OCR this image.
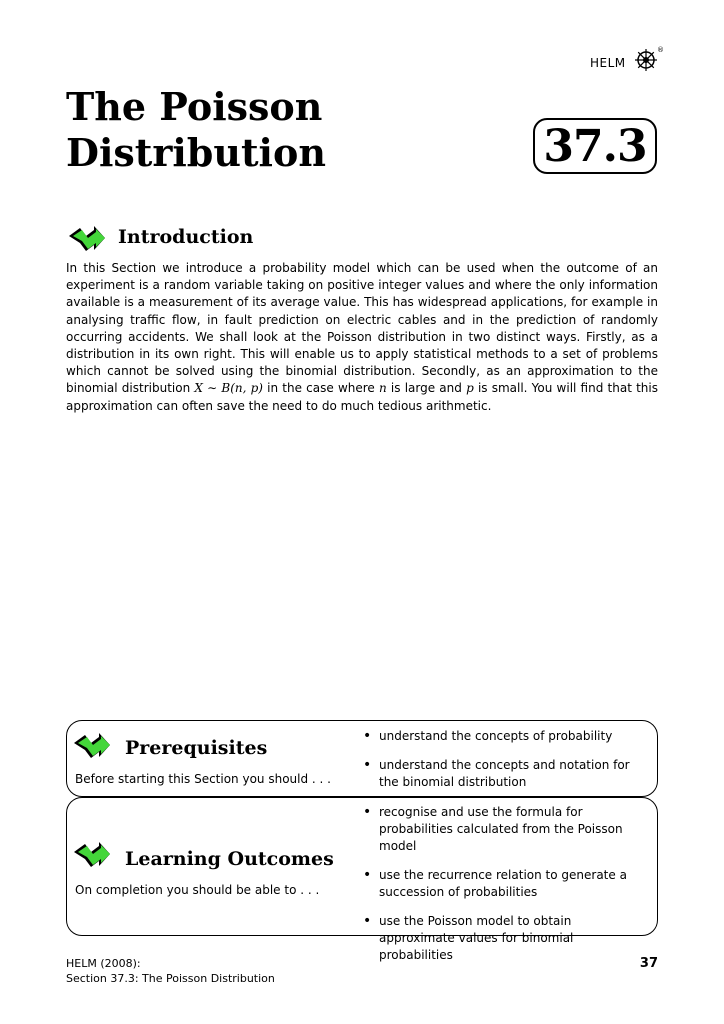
HELM
®
The Poisson
Distribution	37.3
Introduction

In this Section we introduce a probability model which can be used when the outcome of an experiment is a random variable taking on positive integer values and where the only information available is a measurement of its average value. This has widespread applications, for example in analysing traffic flow, in fault prediction on electric cables and in the prediction of randomly occurring accidents. We shall look at the Poisson distribution in two distinct ways. Firstly, as a distribution in its own right. This will enable us to apply statistical methods to a set of problems which cannot be solved using the binomial distribution. Secondly, as an approximation to the binomial distribution X ∼ B(n, p) in the case where n is large and p is small. You will find that this approximation can often save the need to do much tedious arithmetic.

Prerequisites
Before starting this Section you should . . .
• understand the concepts of probability
• understand the concepts and notation for the binomial distribution
Learning Outcomes
On completion you should be able to . . .
• recognise and use the formula for probabilities calculated from the Poisson model
• use the recurrence relation to generate a succession of probabilities
• use the Poisson model to obtain approximate values for binomial probabilities
HELM (2008):
Section 37.3: The Poisson Distribution
37
